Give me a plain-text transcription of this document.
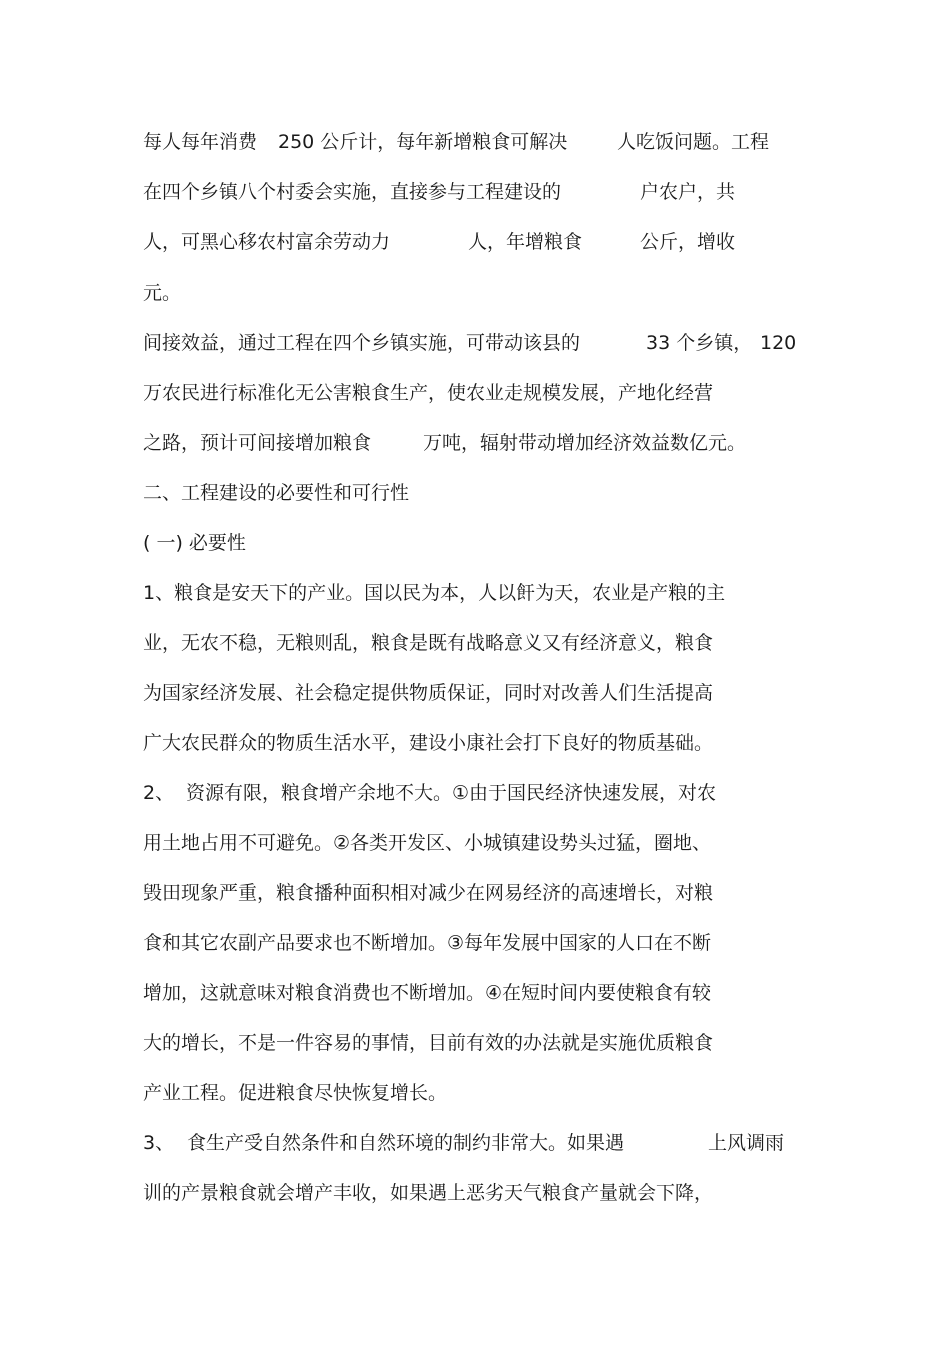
每人每年消费

250 公斤计，每年新增粮食可解决

	人吃饭问题。工程

在四个乡镇八个村委会实施，直接参与工程建设的

	户农户，共

人，可黑心移农村富余劳动力

	人，年增粮食

	公斤，增收

元。

间接效益，通过工程在四个乡镇实施，可带动该县的

	33 个乡镇，

120

万农民进行标准化无公害粮食生产，使农业走规模发展，产地化经营

之路，预计可间接增加粮食

	万吨，辐射带动增加经济效益数亿元。

二、工程建设的必要性和可行性

( 一) 必要性

1、粮食是安天下的产业。国以民为本，人以飦为天，农业是产粮的主

业，无农不稳，无粮则乱，粮食是既有战略意义又有经济意义，粮食

为国家经济发展、社会稳定提供物质保证，同时对改善人们生活提高

广大农民群众的物质生活水平，建设小康社会打下良好的物质基础。

2、

资源有限，粮食增产余地不大。①由于国民经济快速发展，对农

用土地占用不可避免。②各类开发区、小城镇建设势头过猛，圈地、

毁田现象严重，粮食播种面积相对减少在网易经济的高速增长，对粮

食和其它农副产品要求也不断增加。③每年发展中国家的人口在不断

增加，这就意味对粮食消费也不断增加。④在短时间内要使粮食有较

大的增长，不是一件容易的事情，目前有效的办法就是实施优质粮食

产业工程。促进粮食尽快恢复增长。

3、

食生产受自然条件和自然环境的制约非常大。如果遇

	上风调雨

训的产景粮食就会增产丰收，如果遇上恶劣天气粮食产量就会下降，
